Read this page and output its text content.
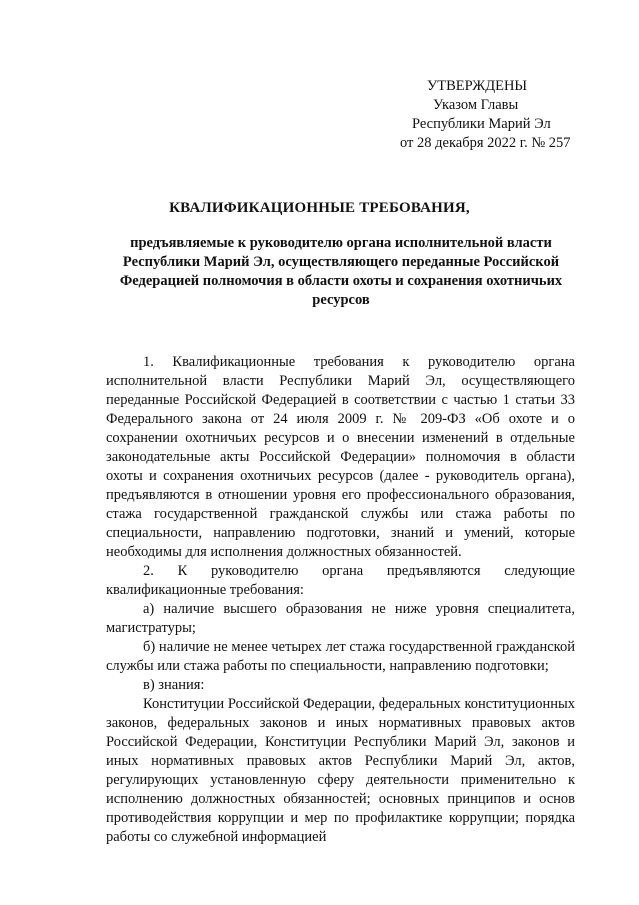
УТВЕРЖДЕНЫ
Указом Главы
Республики Марий Эл
от 28 декабря 2022 г. № 257
КВАЛИФИКАЦИОННЫЕ ТРЕБОВАНИЯ,
предъявляемые к руководителю органа исполнительной власти Республики Марий Эл, осуществляющего переданные Российской Федерацией полномочия в области охоты и сохранения охотничьих ресурсов

1. Квалификационные требования к руководителю органа исполнительной власти Республики Марий Эл, осуществляющего переданные Российской Федерацией в соответствии с частью 1 статьи 33 Федерального закона от 24 июля 2009 г. № 209-ФЗ «Об охоте и о сохранении охотничьих ресурсов и о внесении изменений в отдельные законодательные акты Российской Федерации» полномочия в области охоты и сохранения охотничьих ресурсов (далее - руководитель органа), предъявляются в отношении уровня его профессионального образования, стажа государственной гражданской службы или стажа работы по специальности, направлению подготовки, знаний и умений, которые необходимы для исполнения должностных обязанностей.

2. К руководителю органа предъявляются следующие квалификационные требования:

а) наличие высшего образования не ниже уровня специалитета, магистратуры;

б) наличие не менее четырех лет стажа государственной гражданской службы или стажа работы по специальности, направлению подготовки;

в) знания:

Конституции Российской Федерации, федеральных конституционных законов, федеральных законов и иных нормативных правовых актов Российской Федерации, Конституции Республики Марий Эл, законов и иных нормативных правовых актов Республики Марий Эл, актов, регулирующих установленную сферу деятельности применительно к исполнению должностных обязанностей; основных принципов и основ противодействия коррупции и мер по профилактике коррупции; порядка работы со служебной информацией
